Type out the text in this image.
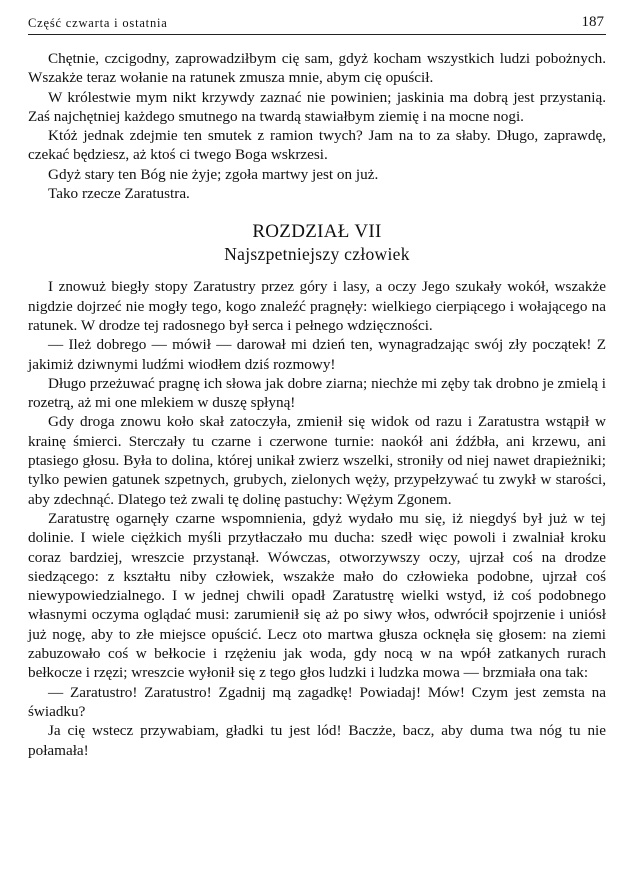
Część czwarta i ostatnia	187

Chętnie, czcigodny, zaprowadziłbym cię sam, gdyż kocham wszystkich ludzi pobożnych. Wszakże teraz wołanie na ratunek zmusza mnie, abym cię opuścił.

W królestwie mym nikt krzywdy zaznać nie powinien; jaskinia ma dobrą jest przystanią. Zaś najchętniej każdego smutnego na twardą stawiałbym ziemię i na mocne nogi.

Któż jednak zdejmie ten smutek z ramion twych? Jam na to za słaby. Długo, zaprawdę, czekać będziesz, aż ktoś ci twego Boga wskrzesi.

Gdyż stary ten Bóg nie żyje; zgoła martwy jest on już.

Tako rzecze Zaratustra.

ROZDZIAŁ VII
Najszpetniejszy człowiek

I znowuż biegły stopy Zaratustry przez góry i lasy, a oczy Jego szukały wokół, wszakże nigdzie dojrzeć nie mogły tego, kogo znaleźć pragnęły: wielkiego cierpiącego i wołającego na ratunek. W drodze tej radosnego był serca i pełnego wdzięczności.

— Ileż dobrego — mówił — darował mi dzień ten, wynagradzając swój zły początek! Z jakimiż dziwnymi ludźmi wiodłem dziś rozmowy!

Długo przeżuwać pragnę ich słowa jak dobre ziarna; niechże mi zęby tak drobno je zmielą i rozetrą, aż mi one mlekiem w duszę spłyną!

Gdy droga znowu koło skał zatoczyła, zmienił się widok od razu i Zaratustra wstąpił w krainę śmierci. Sterczały tu czarne i czerwone turnie: naokół ani źdźbła, ani krzewu, ani ptasiego głosu. Była to dolina, której unikał zwierz wszelki, stroniły od niej nawet drapieżniki; tylko pewien gatunek szpetnych, grubych, zielonych węży, przypełzywać tu zwykł w starości, aby zdechnąć. Dlatego też zwali tę dolinę pastuchy: Wężym Zgonem.

Zaratustrę ogarnęły czarne wspomnienia, gdyż wydało mu się, iż niegdyś był już w tej dolinie. I wiele ciężkich myśli przytłaczało mu ducha: szedł więc powoli i zwalniał kroku coraz bardziej, wreszcie przystanął. Wówczas, otworzywszy oczy, ujrzał coś na drodze siedzącego: z kształtu niby człowiek, wszakże mało do człowieka podobne, ujrzał coś niewypowiedzialnego. I w jednej chwili opadł Zaratustrę wielki wstyd, iż coś podobnego własnymi oczyma oglądać musi: zarumienił się aż po siwy włos, odwrócił spojrzenie i uniósł już nogę, aby to złe miejsce opuścić. Lecz oto martwa głusza ocknęła się głosem: na ziemi zabuzowało coś w bełkocie i rzężeniu jak woda, gdy nocą w na wpół zatkanych rurach bełkocze i rzęzi; wreszcie wyłonił się z tego głos ludzki i ludzka mowa — brzmiała ona tak:

— Zaratustro! Zaratustro! Zgadnij mą zagadkę! Powiadaj! Mów! Czym jest zemsta na świadku?

Ja cię wstecz przywabiam, gładki tu jest lód! Baczże, bacz, aby duma twa nóg tu nie połamała!
